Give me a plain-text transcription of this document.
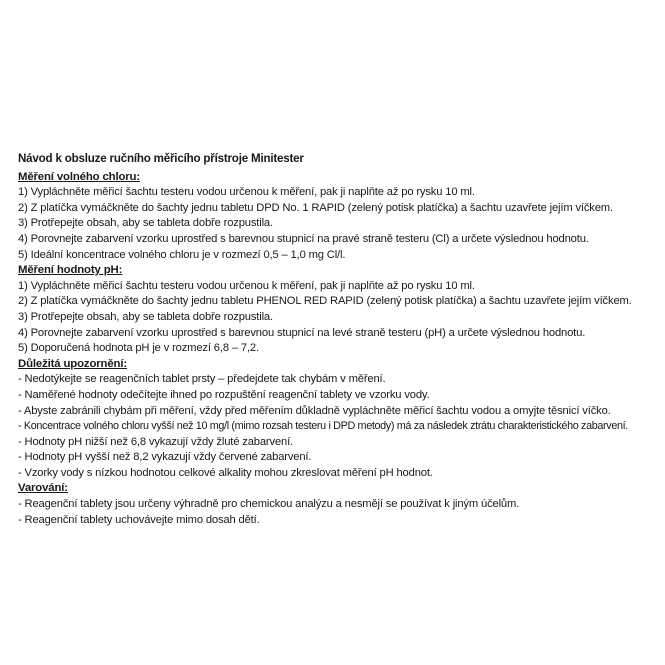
Návod k obsluze ručního měřicího přístroje Minitester

Měření volného chloru:

1) Vypláchněte měřicí šachtu testeru vodou určenou k měření, pak ji naplňte až po rysku 10 ml.

2) Z platíčka vymáčkněte do šachty jednu tabletu DPD No. 1 RAPID (zelený potisk platíčka) a šachtu uzavřete jejím víčkem.

3) Protřepejte obsah, aby se tableta dobře rozpustila.

4) Porovnejte zabarvení vzorku uprostřed s barevnou stupnicí na pravé straně testeru (Cl) a určete výslednou hodnotu.

5) Ideální koncentrace volného chloru je v rozmezí 0,5 – 1,0 mg Cl/l.

Měření hodnoty pH:

1) Vypláchněte měřicí šachtu testeru vodou určenou k měření, pak ji naplňte až po rysku 10 ml.

2) Z platíčka vymáčkněte do šachty jednu tabletu PHENOL RED RAPID (zelený potisk platíčka) a šachtu uzavřete jejím víčkem.

3) Protřepejte obsah, aby se tableta dobře rozpustila.

4) Porovnejte zabarvení vzorku uprostřed s barevnou stupnicí na levé straně testeru (pH) a určete výslednou hodnotu.

5) Doporučená hodnota pH je v rozmezí 6,8 – 7,2.

Důležitá upozornění:

- Nedotýkejte se reagenčních tablet prsty – předejdete tak chybám v měření.

- Naměřené hodnoty odečítejte ihned po rozpuštění reagenční tablety ve vzorku vody.

- Abyste zabránili chybám při měření, vždy před měřením důkladně vypláchněte měřicí šachtu vodou a omyjte těsnicí víčko.

- Koncentrace volného chloru vyšší než 10 mg/l (mimo rozsah testeru i DPD metody) má za následek ztrátu charakteristického zabarvení.

- Hodnoty pH nižší než 6,8 vykazují vždy žluté zabarvení.

- Hodnoty pH vyšší než 8,2 vykazují vždy červené zabarvení.

- Vzorky vody s nízkou hodnotou celkové alkality mohou zkreslovat měření pH hodnot.

Varování:

- Reagenční tablety jsou určeny výhradně pro chemickou analýzu a nesmějí se používat k jiným účelům.

- Reagenční tablety uchovávejte mimo dosah dětí.
